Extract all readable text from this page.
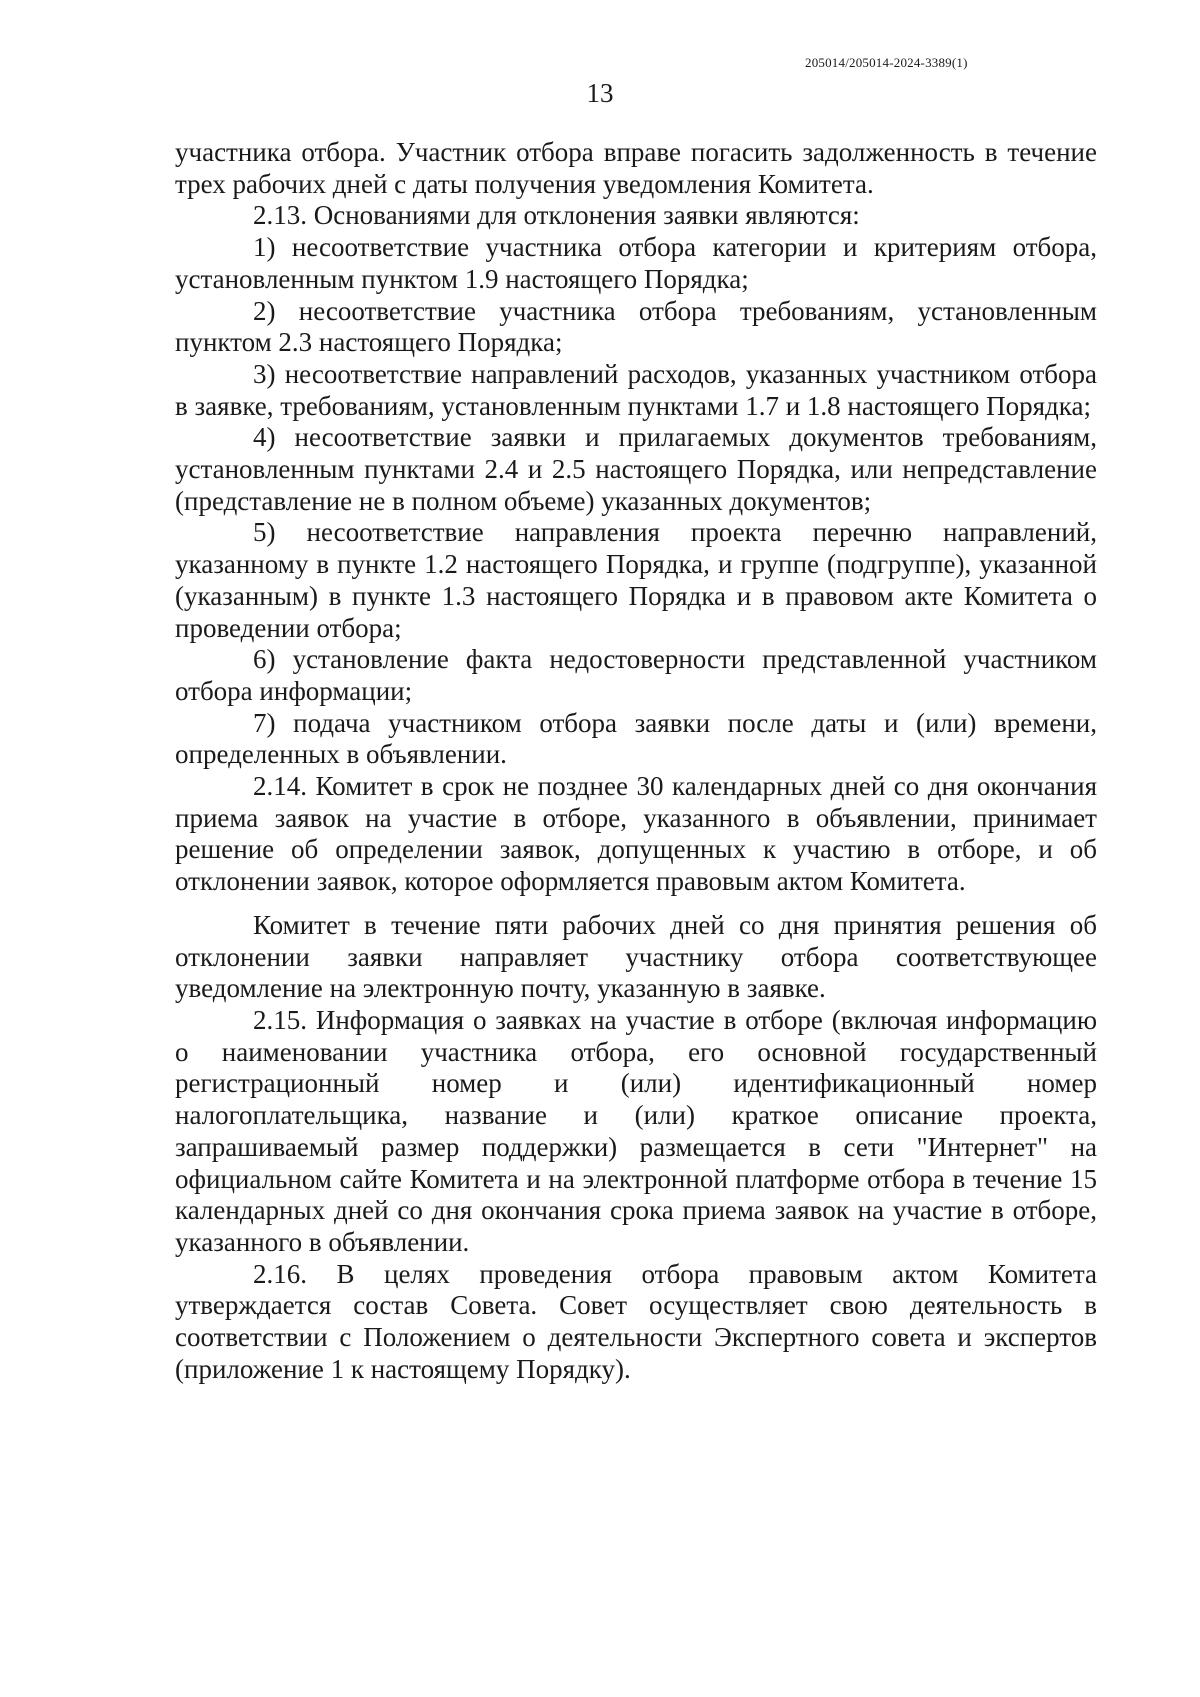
205014/205014-2024-3389(1)
13

участника отбора. Участник отбора вправе погасить задолженность в течение трех рабочих дней с даты получения уведомления Комитета.

2.13. Основаниями для отклонения заявки являются:

1) несоответствие участника отбора категории и критериям отбора, установленным пунктом 1.9 настоящего Порядка;

2) несоответствие участника отбора требованиям, установленным пунктом 2.3 настоящего Порядка;

3) несоответствие направлений расходов, указанных участником отбора в заявке, требованиям, установленным пунктами 1.7 и 1.8 настоящего Порядка;

4) несоответствие заявки и прилагаемых документов требованиям, установленным пунктами 2.4 и 2.5 настоящего Порядка, или непредставление (представление не в полном объеме) указанных документов;

5) несоответствие направления проекта перечню направлений, указанному в пункте 1.2 настоящего Порядка, и группе (подгруппе), указанной (указанным) в пункте 1.3 настоящего Порядка и в правовом акте Комитета о проведении отбора;

6) установление факта недостоверности представленной участником отбора информации;

7) подача участником отбора заявки после даты и (или) времени, определенных в объявлении.

2.14. Комитет в срок не позднее 30 календарных дней со дня окончания приема заявок на участие в отборе, указанного в объявлении, принимает решение об определении заявок, допущенных к участию в отборе, и об отклонении заявок, которое оформляется правовым актом Комитета.

Комитет в течение пяти рабочих дней со дня принятия решения об отклонении заявки направляет участнику отбора соответствующее уведомление на электронную почту, указанную в заявке.

2.15. Информация о заявках на участие в отборе (включая информацию о наименовании участника отбора, его основной государственный регистрационный номер и (или) идентификационный номер налогоплательщика, название и (или) краткое описание проекта, запрашиваемый размер поддержки) размещается в сети "Интернет" на официальном сайте Комитета и на электронной платформе отбора в течение 15 календарных дней со дня окончания срока приема заявок на участие в отборе, указанного в объявлении.

2.16. В целях проведения отбора правовым актом Комитета утверждается состав Совета. Совет осуществляет свою деятельность в соответствии с Положением о деятельности Экспертного совета и экспертов (приложение 1 к настоящему Порядку).
